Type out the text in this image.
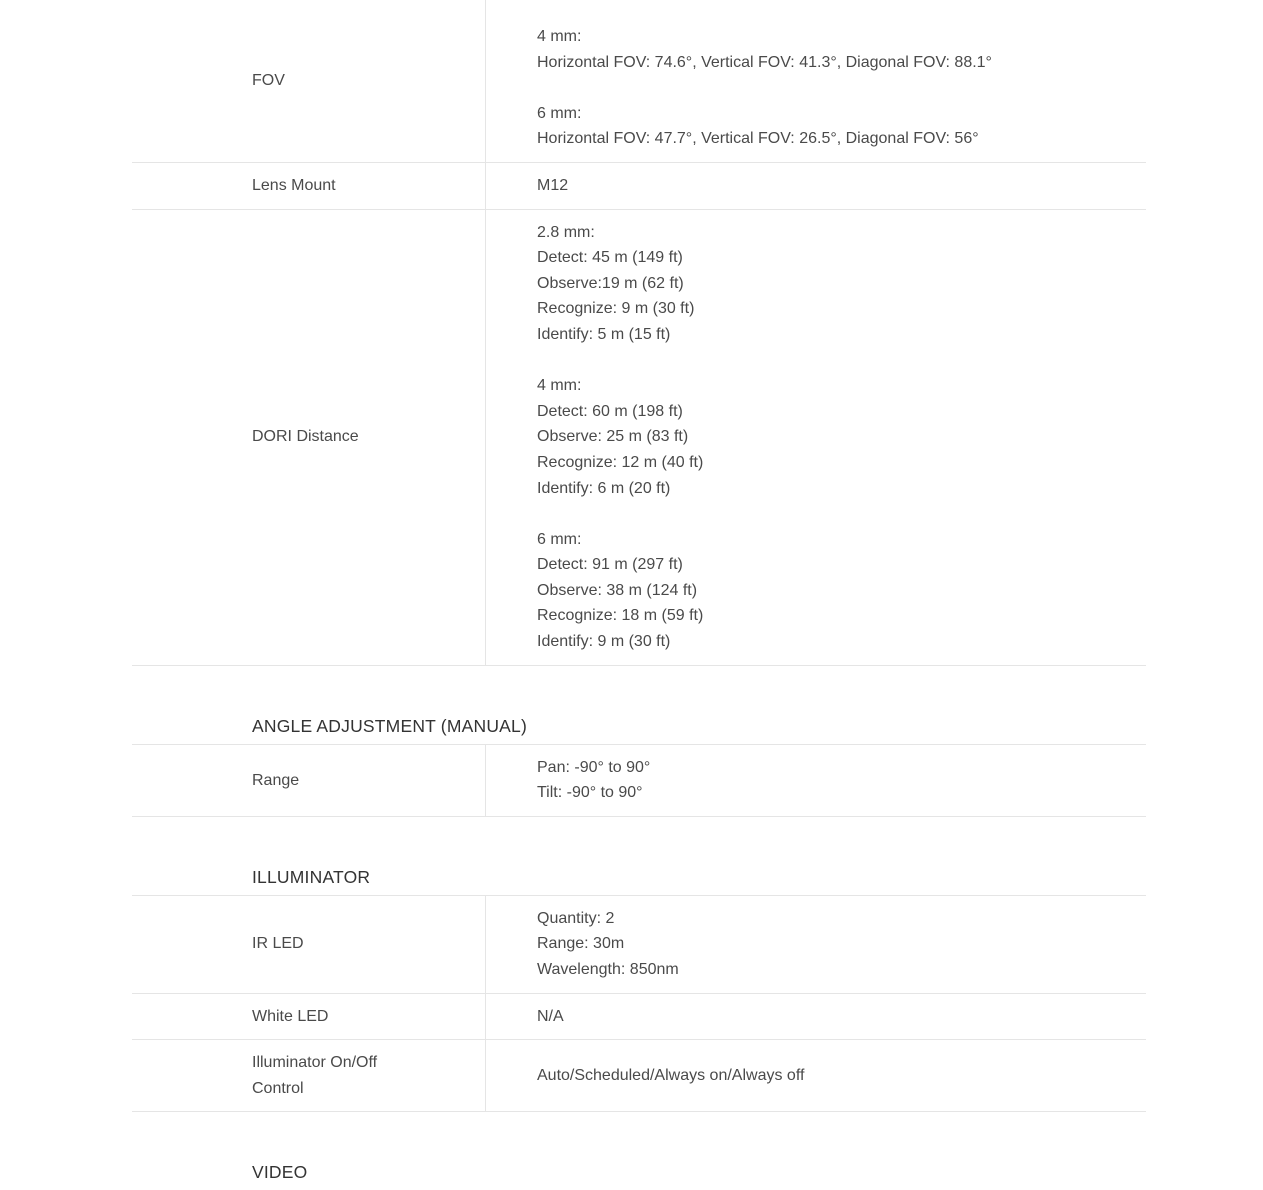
FOV
4 mm:
Horizontal FOV: 74.6°, Vertical FOV: 41.3°, Diagonal FOV: 88.1°
6 mm:
Horizontal FOV: 47.7°, Vertical FOV: 26.5°, Diagonal FOV: 56°
Lens Mount	M12
DORI Distance
2.8 mm:
Detect: 45 m (149 ft)
Observe:19 m (62 ft)
Recognize: 9 m (30 ft)
Identify: 5 m (15 ft)
4 mm:
Detect: 60 m (198 ft)
Observe: 25 m (83 ft)
Recognize: 12 m (40 ft)
Identify: 6 m (20 ft)
6 mm:
Detect: 91 m (297 ft)
Observe: 38 m (124 ft)
Recognize: 18 m (59 ft)
Identify: 9 m (30 ft)
ANGLE ADJUSTMENT (MANUAL)
Range
Pan: -90° to 90°
Tilt: -90° to 90°
ILLUMINATOR
IR LED
Quantity: 2
Range: 30m
Wavelength: 850nm
White LED	N/A
Illuminator On/Off Control
Auto/Scheduled/Always on/Always off
VIDEO
